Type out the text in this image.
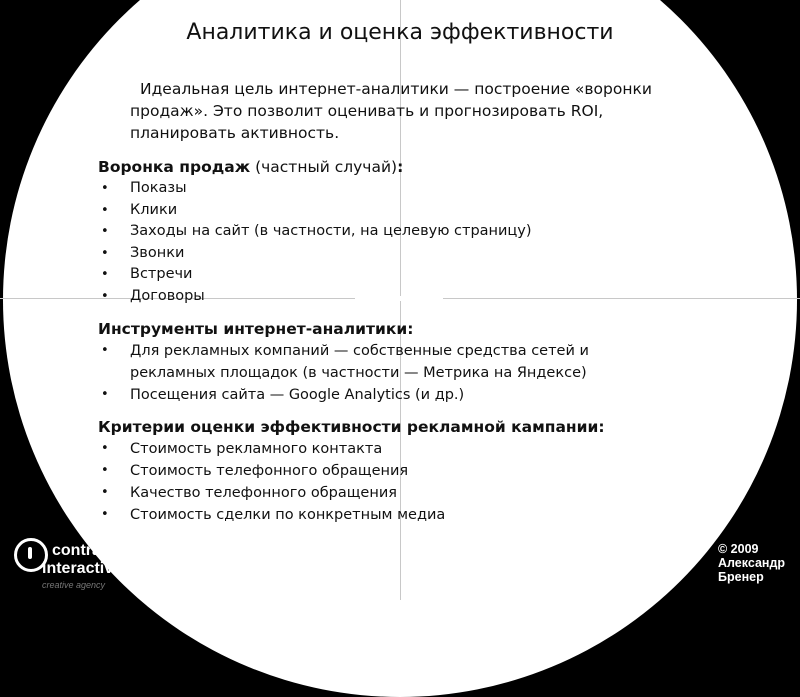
Аналитика и оценка эффективности
Идеальная цель интернет-аналитики — построение «воронки продаж». Это позволит оценивать и прогнозировать ROI, планировать активность.
Воронка продаж (частный случай):
• Показы
• Клики
• Заходы на сайт (в частности, на целевую страницу)
• Звонки
• Встречи
• Договоры
Инструменты интернет-аналитики:
• Для рекламных компаний — собственные средства сетей и рекламных площадок (в частности — Метрика на Яндексе)
• Посещения сайта — Google Analytics (и др.)
Критерии оценки эффективности рекламной кампании:
• Стоимость рекламного контакта
• Стоимость телефонного обращения
• Качество телефонного обращения
• Стоимость сделки по конкретным медиа
contrast
interactive
creative agency
© 2009
Александр
Бренер
